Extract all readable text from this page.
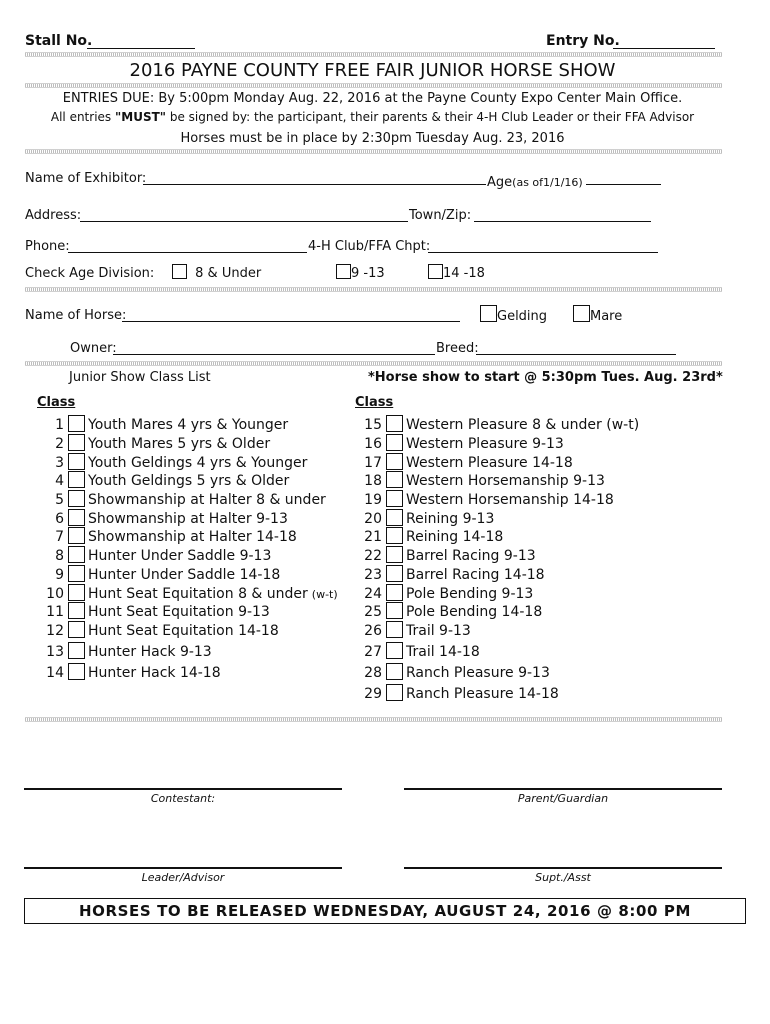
Stall No.	Entry No.
2016 PAYNE COUNTY FREE FAIR JUNIOR HORSE SHOW
ENTRIES DUE: By 5:00pm Monday Aug. 22, 2016 at the Payne County Expo Center Main Office.
All entries "MUST" be signed by: the participant, their parents & their 4-H Club Leader or their FFA Advisor
Horses must be in place by 2:30pm Tuesday Aug. 23, 2016
Name of Exhibitor:	Age(as of1/1/16)
Address:	Town/Zip:
Phone:	4-H Club/FFA Chpt:
Check Age Division:	8 & Under	9 -13	14 -18
Name of Horse:	Gelding	Mare
Owner:	Breed:
Junior Show Class List	*Horse show to start @ 5:30pm Tues. Aug. 23rd*
Class	Class
1 Youth Mares 4 yrs & Younger
2 Youth Mares 5 yrs & Older
3 Youth Geldings 4 yrs & Younger
4 Youth Geldings 5 yrs & Older
5 Showmanship at Halter 8 & under
6 Showmanship at Halter 9-13
7 Showmanship at Halter 14-18
8 Hunter Under Saddle 9-13
9 Hunter Under Saddle 14-18
10 Hunt Seat Equitation 8 & under (w-t)
11 Hunt Seat Equitation 9-13
12 Hunt Seat Equitation 14-18
13 Hunter Hack 9-13
14 Hunter Hack 14-18
15 Western Pleasure 8 & under (w-t)
16 Western Pleasure 9-13
17 Western Pleasure 14-18
18 Western Horsemanship 9-13
19 Western Horsemanship 14-18
20 Reining 9-13
21 Reining 14-18
22 Barrel Racing 9-13
23 Barrel Racing 14-18
24 Pole Bending 9-13
25 Pole Bending 14-18
26 Trail 9-13
27 Trail 14-18
28 Ranch Pleasure 9-13
29 Ranch Pleasure 14-18
Contestant:	Parent/Guardian
Leader/Advisor	Supt./Asst
HORSES TO BE RELEASED WEDNESDAY, AUGUST 24, 2016 @ 8:00 PM
